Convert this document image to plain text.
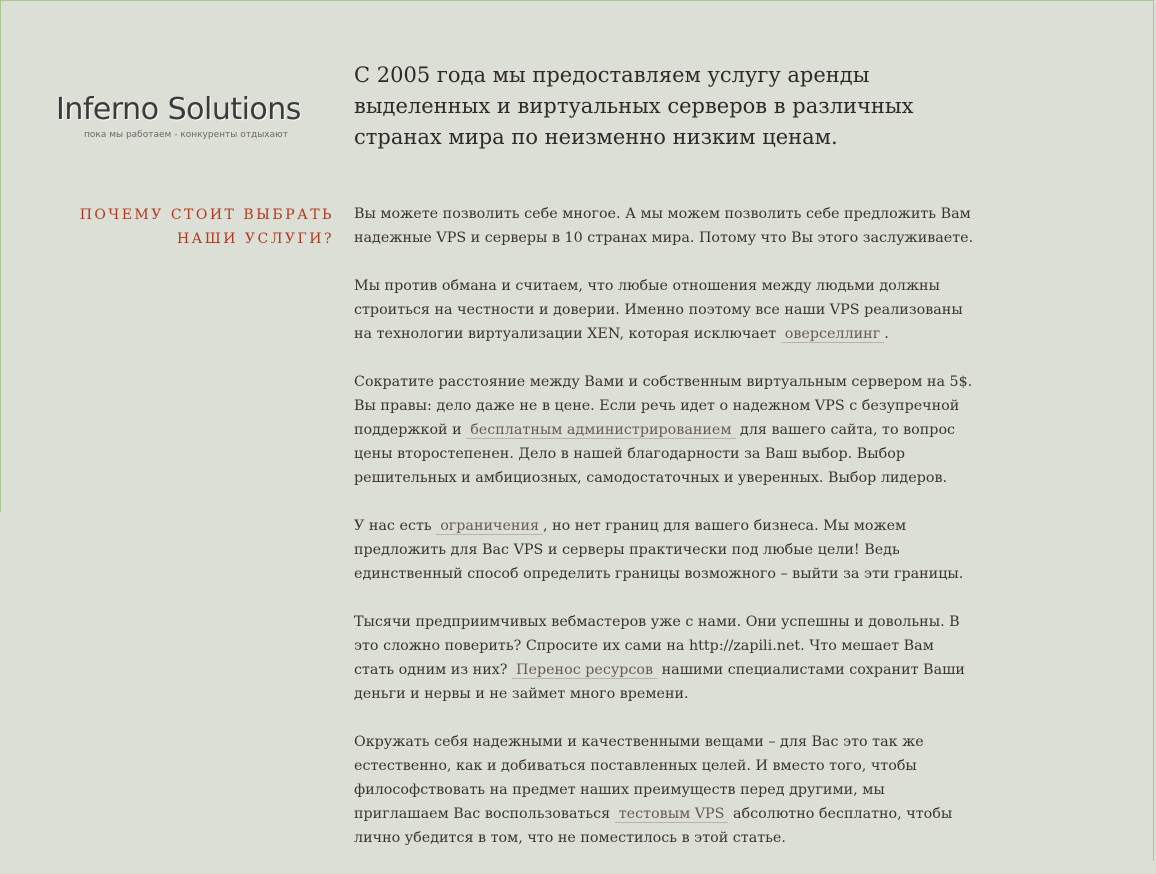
Inferno Solutions
пока мы работаем - конкуренты отдыхают
ПОЧЕМУ СТОИТ ВЫБРАТЬ
НАШИ УСЛУГИ?

С 2005 года мы предоставляем услугу аренды выделенных и виртуальных серверов в различных странах мира по неизменно низким ценам.

Вы можете позволить себе многое. А мы можем позволить себе предложить Вам надежные VPS и серверы в 10 странах мира. Потому что Вы этого заслуживаете.

Мы против обмана и считаем, что любые отношения между людьми должны строиться на честности и доверии. Именно поэтому все наши VPS реализованы на технологии виртуализации XEN, которая исключает оверселлинг .

Сократите расстояние между Вами и собственным виртуальным сервером на 5$. Вы правы: дело даже не в цене. Если речь идет о надежном VPS с безупречной поддержкой и бесплатным администрированием для вашего сайта, то вопрос цены второстепенен. Дело в нашей благодарности за Ваш выбор. Выбор решительных и амбициозных, самодостаточных и уверенных. Выбор лидеров.

У нас есть ограничения , но нет границ для вашего бизнеса. Мы можем предложить для Вас VPS и серверы практически под любые цели! Ведь единственный способ определить границы возможного – выйти за эти границы.

Тысячи предприимчивых вебмастеров уже с нами. Они успешны и довольны. В это сложно поверить? Спросите их сами на http://zapili.net. Что мешает Вам стать одним из них? Перенос ресурсов нашими специалистами сохранит Ваши деньги и нервы и не займет много времени.

Окружать себя надежными и качественными вещами – для Вас это так же естественно, как и добиваться поставленных целей. И вместо того, чтобы философствовать на предмет наших преимуществ перед другими, мы приглашаем Вас воспользоваться тестовым VPS абсолютно бесплатно, чтобы лично убедится в том, что не поместилось в этой статье.
